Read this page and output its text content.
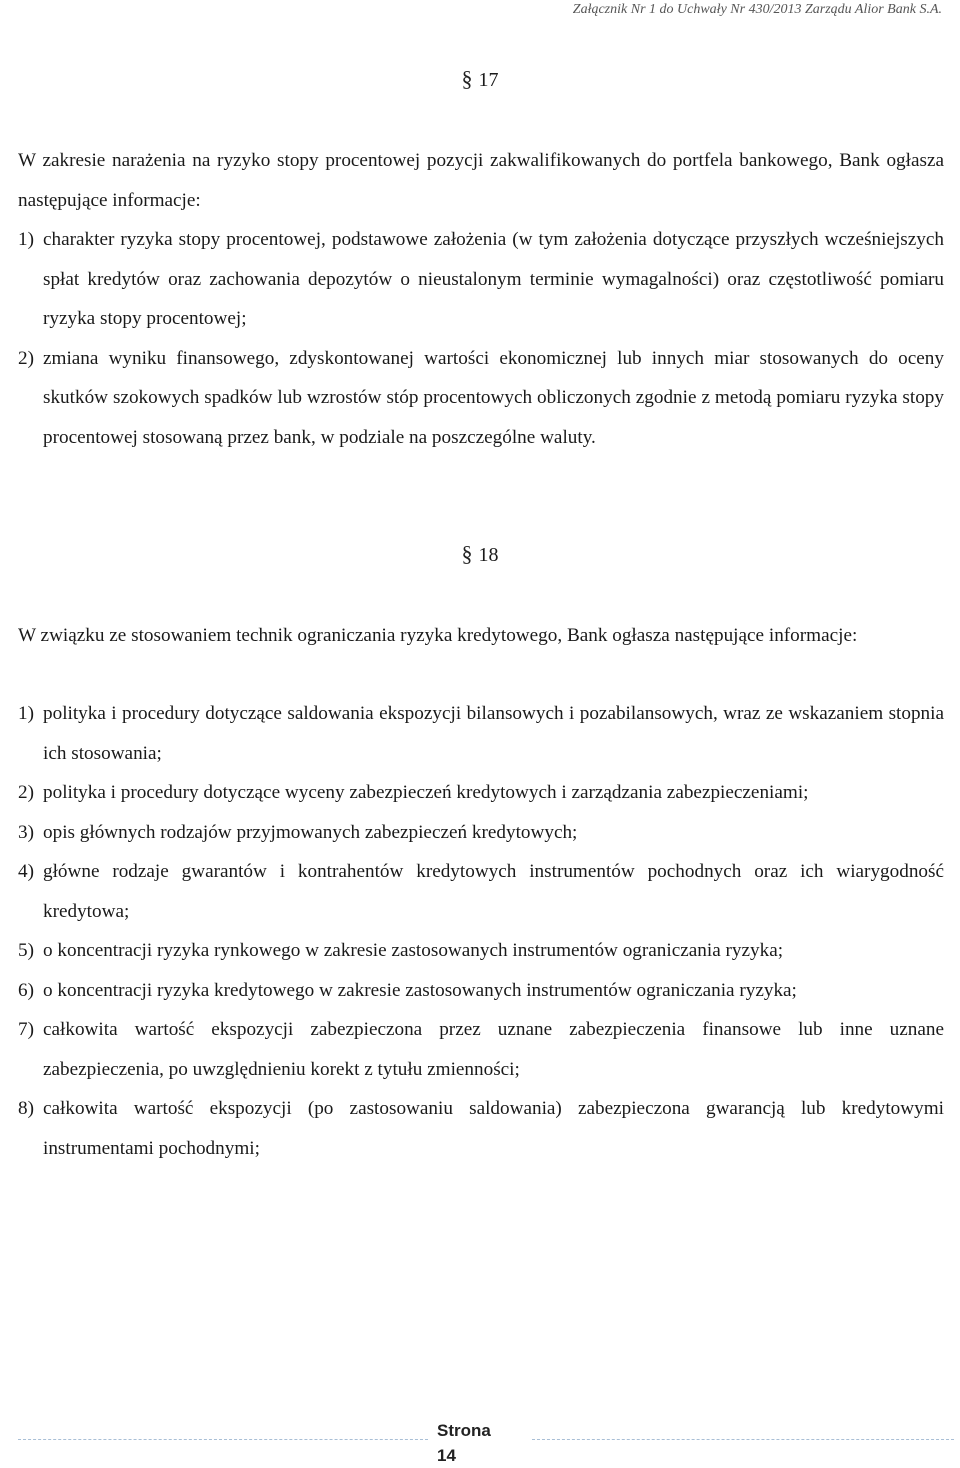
Załącznik Nr 1 do Uchwały Nr 430/2013 Zarządu Alior Bank S.A.
§ 17

W zakresie narażenia na ryzyko stopy procentowej pozycji zakwalifikowanych do portfela bankowego, Bank ogłasza następujące informacje:

1) charakter ryzyka stopy procentowej, podstawowe założenia (w tym założenia dotyczące przyszłych wcześniejszych spłat kredytów oraz zachowania depozytów o nieustalonym terminie wymagalności) oraz częstotliwość pomiaru ryzyka stopy procentowej;
2) zmiana wyniku finansowego, zdyskontowanej wartości ekonomicznej lub innych miar stosowanych do oceny skutków szokowych spadków lub wzrostów stóp procentowych obliczonych zgodnie z metodą pomiaru ryzyka stopy procentowej stosowaną przez bank, w podziale na poszczególne waluty.
§ 18

W związku ze stosowaniem technik ograniczania ryzyka kredytowego, Bank ogłasza następujące informacje:

1) polityka i procedury dotyczące saldowania ekspozycji bilansowych i pozabilansowych, wraz ze wskazaniem stopnia ich stosowania;
2) polityka i procedury dotyczące wyceny zabezpieczeń kredytowych i zarządzania zabezpieczeniami;
3) opis głównych rodzajów przyjmowanych zabezpieczeń kredytowych;
4) główne rodzaje gwarantów i kontrahentów kredytowych instrumentów pochodnych oraz ich wiarygodność kredytowa;
5) o koncentracji ryzyka rynkowego w zakresie zastosowanych instrumentów ograniczania ryzyka;
6) o koncentracji ryzyka kredytowego w zakresie zastosowanych instrumentów ograniczania ryzyka;
7) całkowita wartość ekspozycji zabezpieczona przez uznane zabezpieczenia finansowe lub inne uznane zabezpieczenia, po uwzględnieniu korekt z tytułu zmienności;
8) całkowita wartość ekspozycji (po zastosowaniu saldowania) zabezpieczona gwarancją lub kredytowymi instrumentami pochodnymi;
Strona
14
